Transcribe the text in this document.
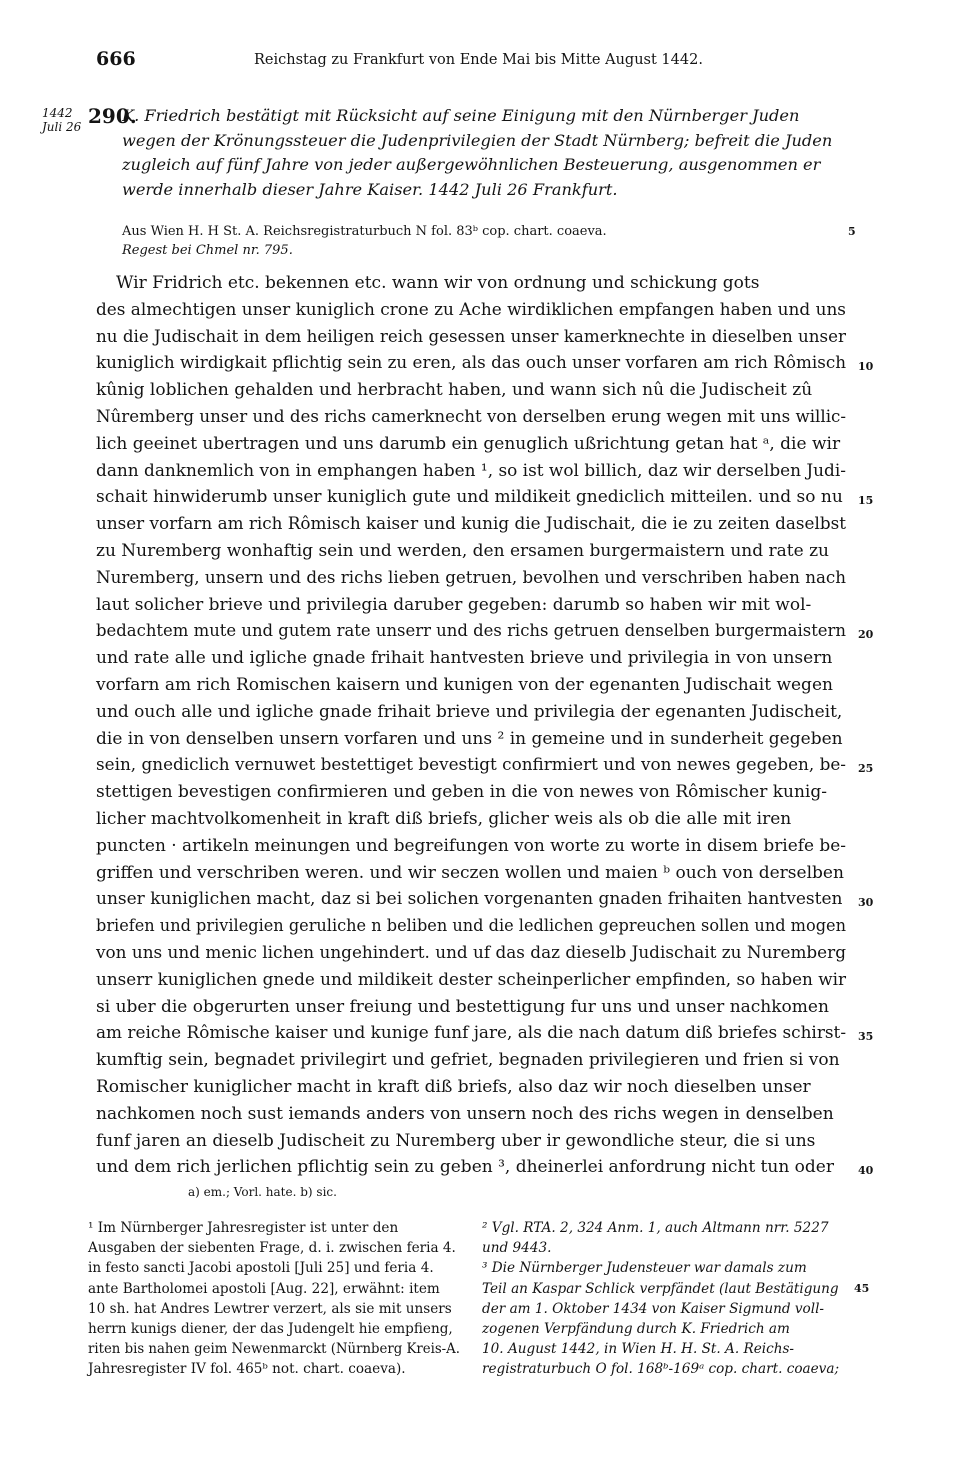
666	Reichstag zu Frankfurt von Ende Mai bis Mitte August 1442.
1442
Juli 26 290.
K. Friedrich bestätigt mit Rücksicht auf seine Einigung mit den Nürnberger Juden wegen der Krönungssteuer die Judenprivilegien der Stadt Nürnberg; befreit die Juden zugleich auf fünf Jahre von jeder außergewöhnlichen Besteuerung, ausgenommen er werde innerhalb dieser Jahre Kaiser. 1442 Juli 26 Frankfurt.
Aus Wien H. H St. A. Reichsregistraturbuch N fol. 83ᵇ cop. chart. coaeva.	5
Regest bei Chmel nr. 795.
Wir Fridrich etc. bekennen etc. wann wir von ordnung und schickung gots
des almechtigen unser kuniglich crone zu Ache wirdiklichen empfangen haben und uns
nu die Judischait in dem heiligen reich gesessen unser kamerknechte in dieselben unser
kuniglich wirdigkait pflichtig sein zu eren, als das ouch unser vorfaren am rich Rômisch 10
kûnig loblichen gehalden und herbracht haben, und wann sich nû die Judischeit zû
Nûremberg unser und des richs camerknecht von derselben erung wegen mit uns willic-
lich geeinet ubertragen und uns darumb ein genuglich ußrichtung getan hat ᵃ, die wir
dann danknemlich von in emphangen haben ¹, so ist wol billich, daz wir derselben Judi-
schait hinwiderumb unser kuniglich gute und mildikeit gnediclich mitteilen. und so nu 15
unser vorfarn am rich Rômisch kaiser und kunig die Judischait, die ie zu zeiten daselbst
zu Nuremberg wonhaftig sein und werden, den ersamen burgermaistern und rate zu
Nuremberg, unsern und des richs lieben getruen, bevolhen und verschriben haben nach
laut solicher brieve und privilegia daruber gegeben: darumb so haben wir mit wol-
bedachtem mute und gutem rate unserr und des richs getruen denselben burgermaistern 20
und rate alle und igliche gnade frihait hantvesten brieve und privilegia in von unsern
vorfarn am rich Romischen kaisern und kunigen von der egenanten Judischait wegen
und ouch alle und igliche gnade frihait brieve und privilegia der egenanten Judischeit,
die in von denselben unsern vorfaren und uns ² in gemeine und in sunderheit gegeben
sein, gnediclich vernuwet bestettiget bevestigt confirmiert und von newes gegeben, be- 25
stettigen bevestigen confirmieren und geben in die von newes von Rômischer kunig-
licher machtvolkomenheit in kraft diß briefs, glicher weis als ob die alle mit iren
puncten · artikeln meinungen und begreifungen von worte zu worte in disem briefe be-
griffen und verschriben weren. und wir seczen wollen und maien ᵇ ouch von derselben
unser kuniglichen macht, daz si bei solichen vorgenanten gnaden frihaiten hantvesten 30
briefen und privilegien geruliche n beliben und die ledlichen gepreuchen sollen und mogen
von uns und menic lichen ungehindert. und uf das daz dieselb Judischait zu Nuremberg
unserr kuniglichen gnede und mildikeit dester scheinperlicher empfinden, so haben wir
si uber die obgerurten unser freiung und bestettigung fur uns und unser nachkomen
am reiche Rômische kaiser und kunige funf jare, als die nach datum diß briefes schirst- 35
kumftig sein, begnadet privilegirt und gefriet, begnaden privilegieren und frien si von
Romischer kuniglicher macht in kraft diß briefs, also daz wir noch dieselben unser
nachkomen noch sust iemands anders von unsern noch des richs wegen in denselben
funf jaren an dieselb Judischeit zu Nuremberg uber ir gewondliche steur, die si uns
und dem rich jerlichen pflichtig sein zu geben ³, dheinerlei anfordrung nicht tun oder 40
a) em.; Vorl. hate. b) sic.
¹ Im Nürnberger Jahresregister ist unter denAusgaben der siebenten Frage, d. i. zwischen feria 4.in festo sancti Jacobi apostoli [Juli 25] und feria 4.ante Bartholomei apostoli [Aug. 22], erwähnt: item10 sh. hat Andres Lewtrer verzert, als sie mit unsersherrn kunigs diener, der das Judengelt hie empfieng,riten bis nahen geim Newenmarckt (Nürnberg Kreis-A.Jahresregister IV fol. 465ᵇ not. chart. coaeva).
² Vgl. RTA. 2, 324 Anm. 1, auch Altmann nrr. 5227
und 9443.
³ Die Nürnberger Judensteuer war damals zum
Teil an Kaspar Schlick verpfändet (laut Bestätigung 45
der am 1. Oktober 1434 von Kaiser Sigmund voll-
zogenen Verpfändung durch K. Friedrich am
10. August 1442, in Wien H. H. St. A. Reichs-
registraturbuch O fol. 168ᵇ-169ᵃ cop. chart. coaeva;
